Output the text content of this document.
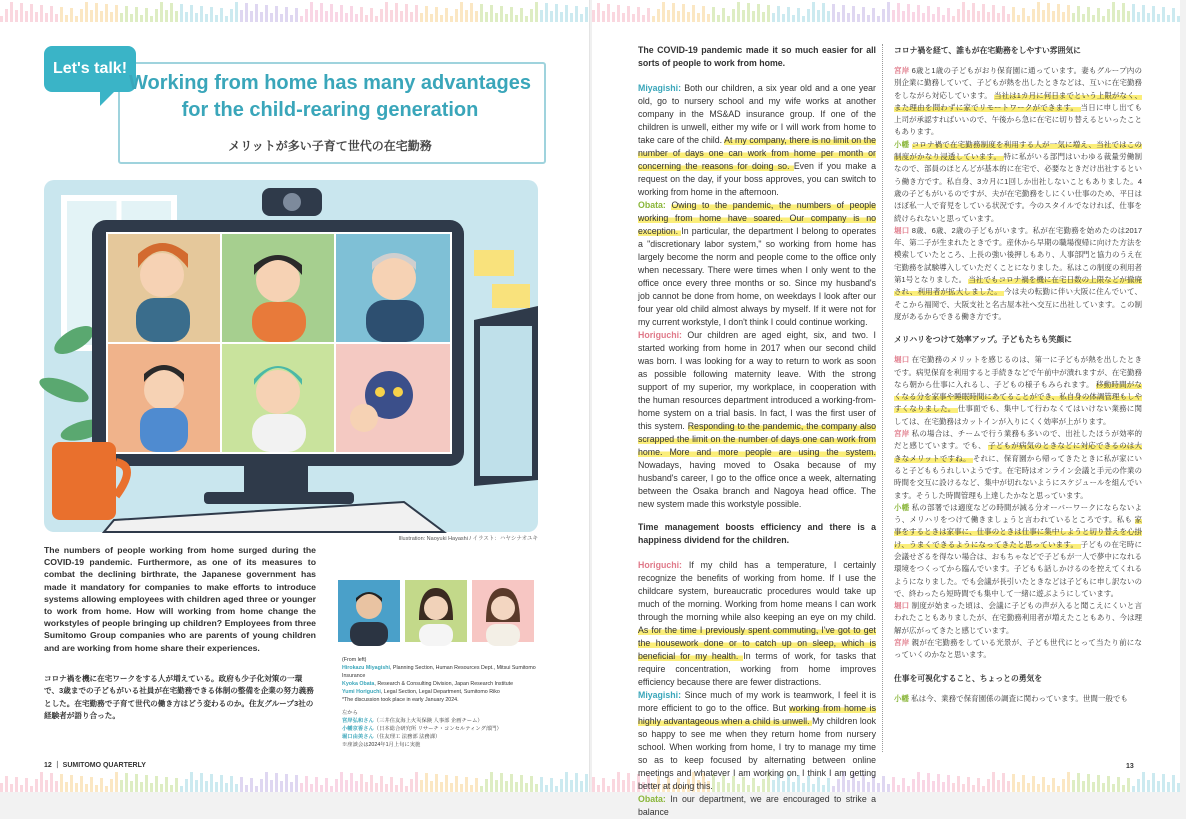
Let's talk!
Working from home has many advantages
for the child-rearing generation
メリットが多い子育て世代の在宅勤務
Illustration: Naoyuki Hayashi / イラスト：ハヤシナオユキ
The numbers of people working from home surged during the COVID-19 pandemic. Furthermore, as one of its measures to combat the declining birthrate, the Japanese government has made it mandatory for companies to make efforts to introduce systems allowing employees with children aged three or younger to work from home. How will working from home change the workstyles of people bringing up children? Employees from three Sumitomo Group companies who are parents of young children and are working from home share their experiences.
コロナ禍を機に在宅ワークをする人が増えている。政府も少子化対策の一環で、3歳までの子どもがいる社員が在宅勤務できる体制の整備を企業の努力義務とした。在宅勤務で子育て世代の働き方はどう変わるのか。住友グループ3社の経験者が語り合った。
(From left)
Hirokazu Miyagishi, Planning Section, Human Resources Dept., Mitsui Sumitomo Insurance
Kyoka Obata, Research & Consulting Division, Japan Research Institute
Yumi Horiguchi, Legal Section, Legal Department, Sumitomo Riko
*The discussion took place in early January 2024.
左から
宮岸弘和さん（三井住友海上火災保険 人事部 企画チーム）
小幡京香さん（日本総合研究所 リサーチ・コンセルティング部門）
堀口由美さん（住友理工 法務部 法務課）
※座談会は2024年1月上旬に実施
12 ｜ SUMITOMO QUARTERLY
The COVID-19 pandemic made it so much easier for all sorts of people to work from home.

Miyagishi: Both our children, a six year old and a one year old, go to nursery school and my wife works at another company in the MS&AD insurance group. If one of the children is unwell, either my wife or I will work from home to take care of the child. At my company, there is no limit on the number of days one can work from home per month or concerning the reasons for doing so. Even if you make a request on the day, if your boss approves, you can switch to working from home in the afternoon.

Obata: Owing to the pandemic, the numbers of people working from home have soared. Our company is no exception. In particular, the department I belong to operates a "discretionary labor system," so working from home has largely become the norm and people come to the office only when necessary. There were times when I only went to the office once every three months or so. Since my husband's job cannot be done from home, on weekdays I look after our four year old child almost always by myself. If it were not for my current workstyle, I don't think I could continue working.

Horiguchi: Our children are aged eight, six, and two. I started working from home in 2017 when our second child was born. I was looking for a way to return to work as soon as possible following maternity leave. With the strong support of my superior, my workplace, in cooperation with the human resources department introduced a working-from-home system on a trial basis. In fact, I was the first user of this system. Responding to the pandemic, the company also scrapped the limit on the number of days one can work from home. More and more people are using the system. Nowadays, having moved to Osaka because of my husband's career, I go to the office once a week, alternating between the Osaka branch and Nagoya head office. The new system made this workstyle possible.

Time management boosts efficiency and there is a happiness dividend for the children.

Horiguchi: If my child has a temperature, I certainly recognize the benefits of working from home. If I use the childcare system, bureaucratic procedures would take up much of the morning. Working from home means I can work through the morning while also keeping an eye on my child. As for the time I previously spent commuting, I've got to get the housework done or to catch up on sleep, which is beneficial for my health. In terms of work, for tasks that require concentration, working from home improves efficiency because there are fewer distractions.

Miyagishi: Since much of my work is teamwork, I feel it is more efficient to go to the office. But working from home is highly advantageous when a child is unwell. My children look so happy to see me when they return home from nursery school. When working from home, I try to manage my time so as to keep focused by alternating between online meetings and whatever I am working on. I think I am getting better at doing this.

Obata: In our department, we are encouraged to strike a balance

コロナ禍を経て、誰もが在宅勤務をしやすい雰囲気に

宮岸 6歳と1歳の子どもがおり保育園に通っています。妻もグループ内の別企業に勤務していて、子どもが熱を出したときなどは、互いに在宅勤務をしながら対応しています。 当社は1カ月に何日までという上限がなく、また理由を問わずに家でリモートワークができます。 当日に申し出ても上司が承認すればいいので、午後から急に在宅に切り替えるといったこともあります。

小幡 コロナ禍で在宅勤務制度を利用する人が一気に増え、当社ではこの制度がかなり浸透しています。 特に私がいる部門はいわゆる裁量労働制なので、部員のほとんどが基本的に在宅で、必要なときだけ出社するという働き方です。私自身、3カ月に1回しか出社しないこともありました。4歳の子どもがいるのですが、夫が在宅勤務をしにくい仕事のため、平日はほぼ私一人で育児をしている状況です。今のスタイルでなければ、仕事を続けられないと思っています。

堀口 8歳、6歳、2歳の子どもがいます。私が在宅勤務を始めたのは2017年、第二子が生まれたときです。産休から早期の職場復帰に向けた方法を模索していたところ、上長の強い後押しもあり、人事部門と協力のうえ在宅勤務を試験導入していただくことになりました。私はこの制度の利用者第1号となりました。 当社でもコロナ禍を機に在宅日数の上限などが撤廃され、利用者が拡大しました。 今は夫の転勤に伴い大阪に住んでいて、そこから福岡で、大阪支社と名古屋本社へ交互に出社しています。この制度があるからできる働き方です。

メリハリをつけて効率アップ。子どもたちも笑顔に

堀口 在宅勤務のメリットを感じるのは、第一に子どもが熱を出したときです。病児保育を利用すると手続きなどで午前中が潰れますが、在宅勤務なら朝から仕事に入れるし、子どもの様子もみられます。 移動時間がなくなる分を家事や睡眠時間にあてることができ、私自身の体調管理もしやすくなりました。 仕事面でも、集中して行わなくてはいけない業務に関しては、在宅勤務はカットインが入りにくく効率が上がります。

宮岸 私の場合は、チームで行う業務も多いので、出社したほうが効率的だと感じています。でも、 子どもが病気のときなどに対応できるのは大きなメリットですね。 それに、保育園から帰ってきたときに私が家にいると子どももうれしいようです。在宅時はオンライン会議と手元の作業の時間を交互に設けるなど、集中が切れないようにスケジュールを組んでいます。そうした時間管理も上達したかなと思っています。

小幡 私の部署では適度などの時間が減る分オーバーワークにならないよう、メリハリをつけて働きましょうと言われているところです。私も 家事をするときは家事に、仕事のときは仕事に集中しようと切り替えを心掛け、うまくできるようになってきたと思っています。 子どもの在宅時に会議せざるを得ない場合は、おもちゃなどで子どもが一人で夢中になれる環境をつくってから臨んでいます。子どもも話しかけるのを控えてくれるようになりました。でも会議が長引いたときなどは子どもに申し訳ないので、終わったら短時間でも集中して一緒に遊ぶようにしています。

堀口 制度が始まった頃は、会議に子どもの声が入ると聞こえにくいと言われたこともありましたが、在宅勤務利用者が増えたこともあり、今は理解が広がってきたと感じています。

宮岸 親が在宅勤務をしている光景が、子ども世代にとって当たり前になっていくのかなと思います。

仕事を可視化すること、ちょっとの勇気を

小幡 私は今、業務で保育園係の調査に関わっています。世間一般でも

13
